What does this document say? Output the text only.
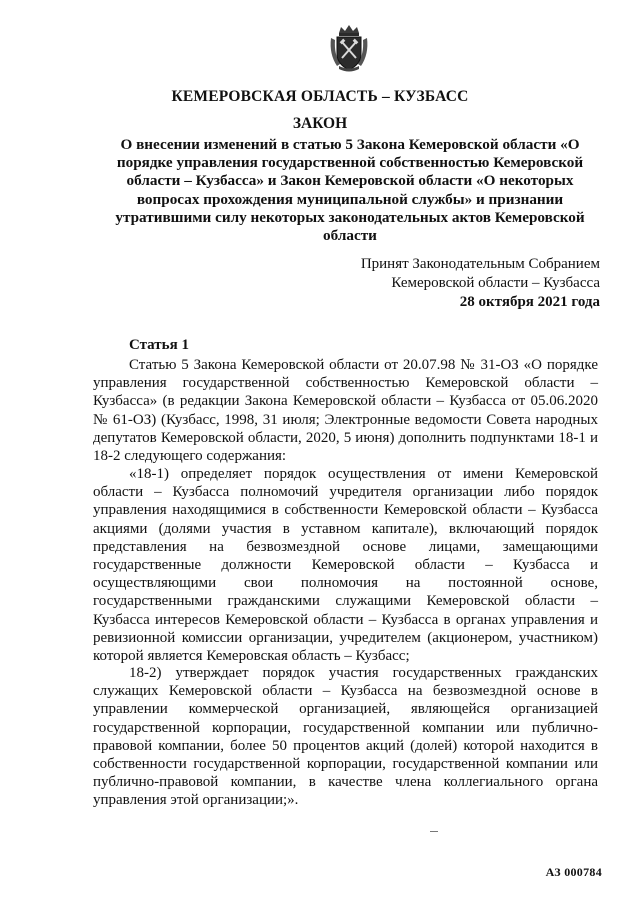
КЕМЕРОВСКАЯ ОБЛАСТЬ – КУЗБАСС
ЗАКОН
О внесении изменений в статью 5 Закона Кемеровской области «О порядке управления государственной собственностью Кемеровской области – Кузбасса» и Закон Кемеровской области «О некоторых вопросах прохождения муниципальной службы» и признании утратившими силу некоторых законодательных актов Кемеровской области
Принят Законодательным Собранием
Кемеровской области – Кузбасса
28 октября 2021 года
Статья 1

Статью 5 Закона Кемеровской области от 20.07.98 № 31-ОЗ «О порядке управления государственной собственностью Кемеровской области – Кузбасса» (в редакции Закона Кемеровской области – Кузбасса от 05.06.2020 № 61-ОЗ) (Кузбасс, 1998, 31 июля; Электронные ведомости Совета народных депутатов Кемеровской области, 2020, 5 июня) дополнить подпунктами 18-1 и 18-2 следующего содержания:

«18-1) определяет порядок осуществления от имени Кемеровской области – Кузбасса полномочий учредителя организации либо порядок управления находящимися в собственности Кемеровской области – Кузбасса акциями (долями участия в уставном капитале), включающий порядок представления на безвозмездной основе лицами, замещающими государственные должности Кемеровской области – Кузбасса и осуществляющими свои полномочия на постоянной основе, государственными гражданскими служащими Кемеровской области – Кузбасса интересов Кемеровской области – Кузбасса в органах управления и ревизионной комиссии организации, учредителем (акционером, участником) которой является Кемеровская область – Кузбасс;

18-2) утверждает порядок участия государственных гражданских служащих Кемеровской области – Кузбасса на безвозмездной основе в управлении коммерческой организацией, являющейся организацией государственной корпорации, государственной компании или публично-правовой компании, более 50 процентов акций (долей) которой находится в собственности государственной корпорации, государственной компании или публично-правовой компании, в качестве члена коллегиального органа управления этой организации;».

АЗ 000784
